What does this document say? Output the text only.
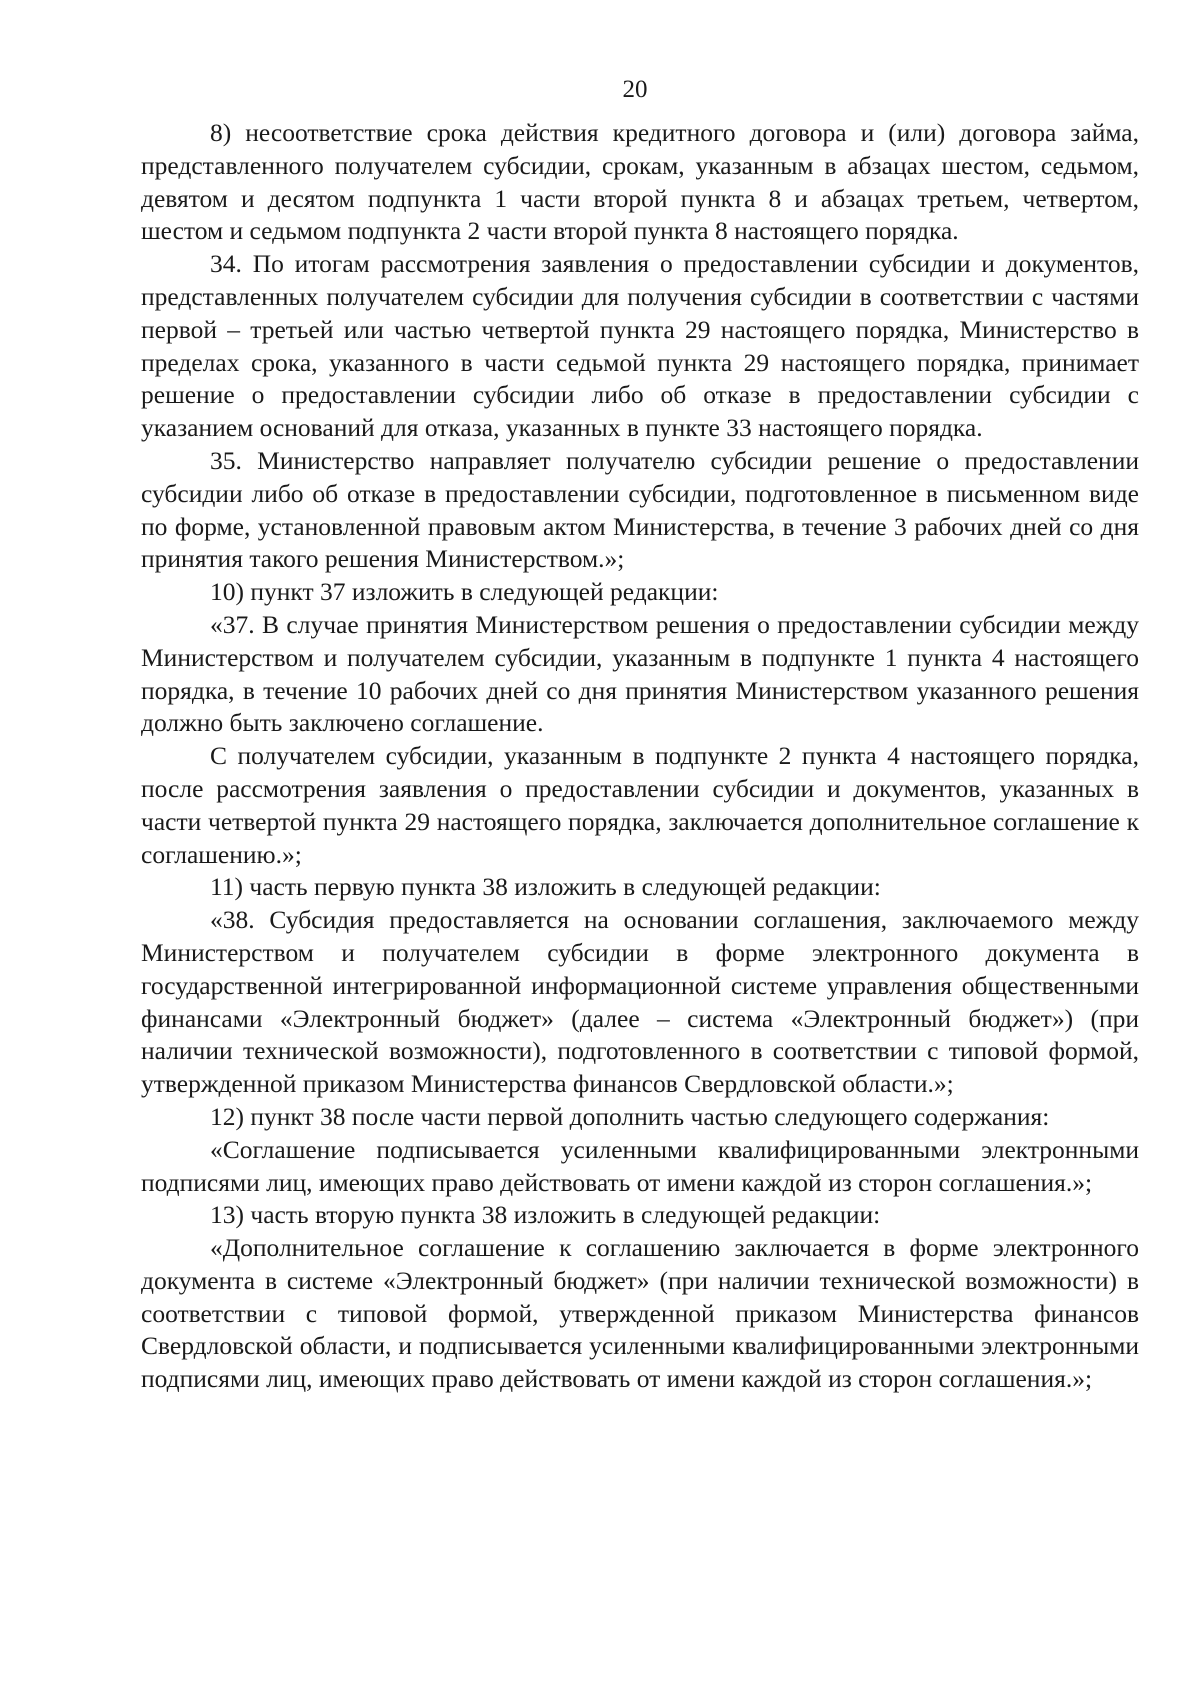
20

8) несоответствие срока действия кредитного договора и (или) договора займа, представленного получателем субсидии, срокам, указанным в абзацах шестом, седьмом, девятом и десятом подпункта 1 части второй пункта 8 и абзацах третьем, четвертом, шестом и седьмом подпункта 2 части второй пункта 8 настоящего порядка.

34. По итогам рассмотрения заявления о предоставлении субсидии и документов, представленных получателем субсидии для получения субсидии в соответствии с частями первой – третьей или частью четвертой пункта 29 настоящего порядка, Министерство в пределах срока, указанного в части седьмой пункта 29 настоящего порядка, принимает решение о предоставлении субсидии либо об отказе в предоставлении субсидии с указанием оснований для отказа, указанных в пункте 33 настоящего порядка.

35. Министерство направляет получателю субсидии решение о предоставлении субсидии либо об отказе в предоставлении субсидии, подготовленное в письменном виде по форме, установленной правовым актом Министерства, в течение 3 рабочих дней со дня принятия такого решения Министерством.»;

10) пункт 37 изложить в следующей редакции:

«37. В случае принятия Министерством решения о предоставлении субсидии между Министерством и получателем субсидии, указанным в подпункте 1 пункта 4 настоящего порядка, в течение 10 рабочих дней со дня принятия Министерством указанного решения должно быть заключено соглашение.

С получателем субсидии, указанным в подпункте 2 пункта 4 настоящего порядка, после рассмотрения заявления о предоставлении субсидии и документов, указанных в части четвертой пункта 29 настоящего порядка, заключается дополнительное соглашение к соглашению.»;

11) часть первую пункта 38 изложить в следующей редакции:

«38. Субсидия предоставляется на основании соглашения, заключаемого между Министерством и получателем субсидии в форме электронного документа в государственной интегрированной информационной системе управления общественными финансами «Электронный бюджет» (далее – система «Электронный бюджет») (при наличии технической возможности), подготовленного в соответствии с типовой формой, утвержденной приказом Министерства финансов Свердловской области.»;

12) пункт 38 после части первой дополнить частью следующего содержания:

«Соглашение подписывается усиленными квалифицированными электронными подписями лиц, имеющих право действовать от имени каждой из сторон соглашения.»;

13) часть вторую пункта 38 изложить в следующей редакции:

«Дополнительное соглашение к соглашению заключается в форме электронного документа в системе «Электронный бюджет» (при наличии технической возможности) в соответствии с типовой формой, утвержденной приказом Министерства финансов Свердловской области, и подписывается усиленными квалифицированными электронными подписями лиц, имеющих право действовать от имени каждой из сторон соглашения.»;
